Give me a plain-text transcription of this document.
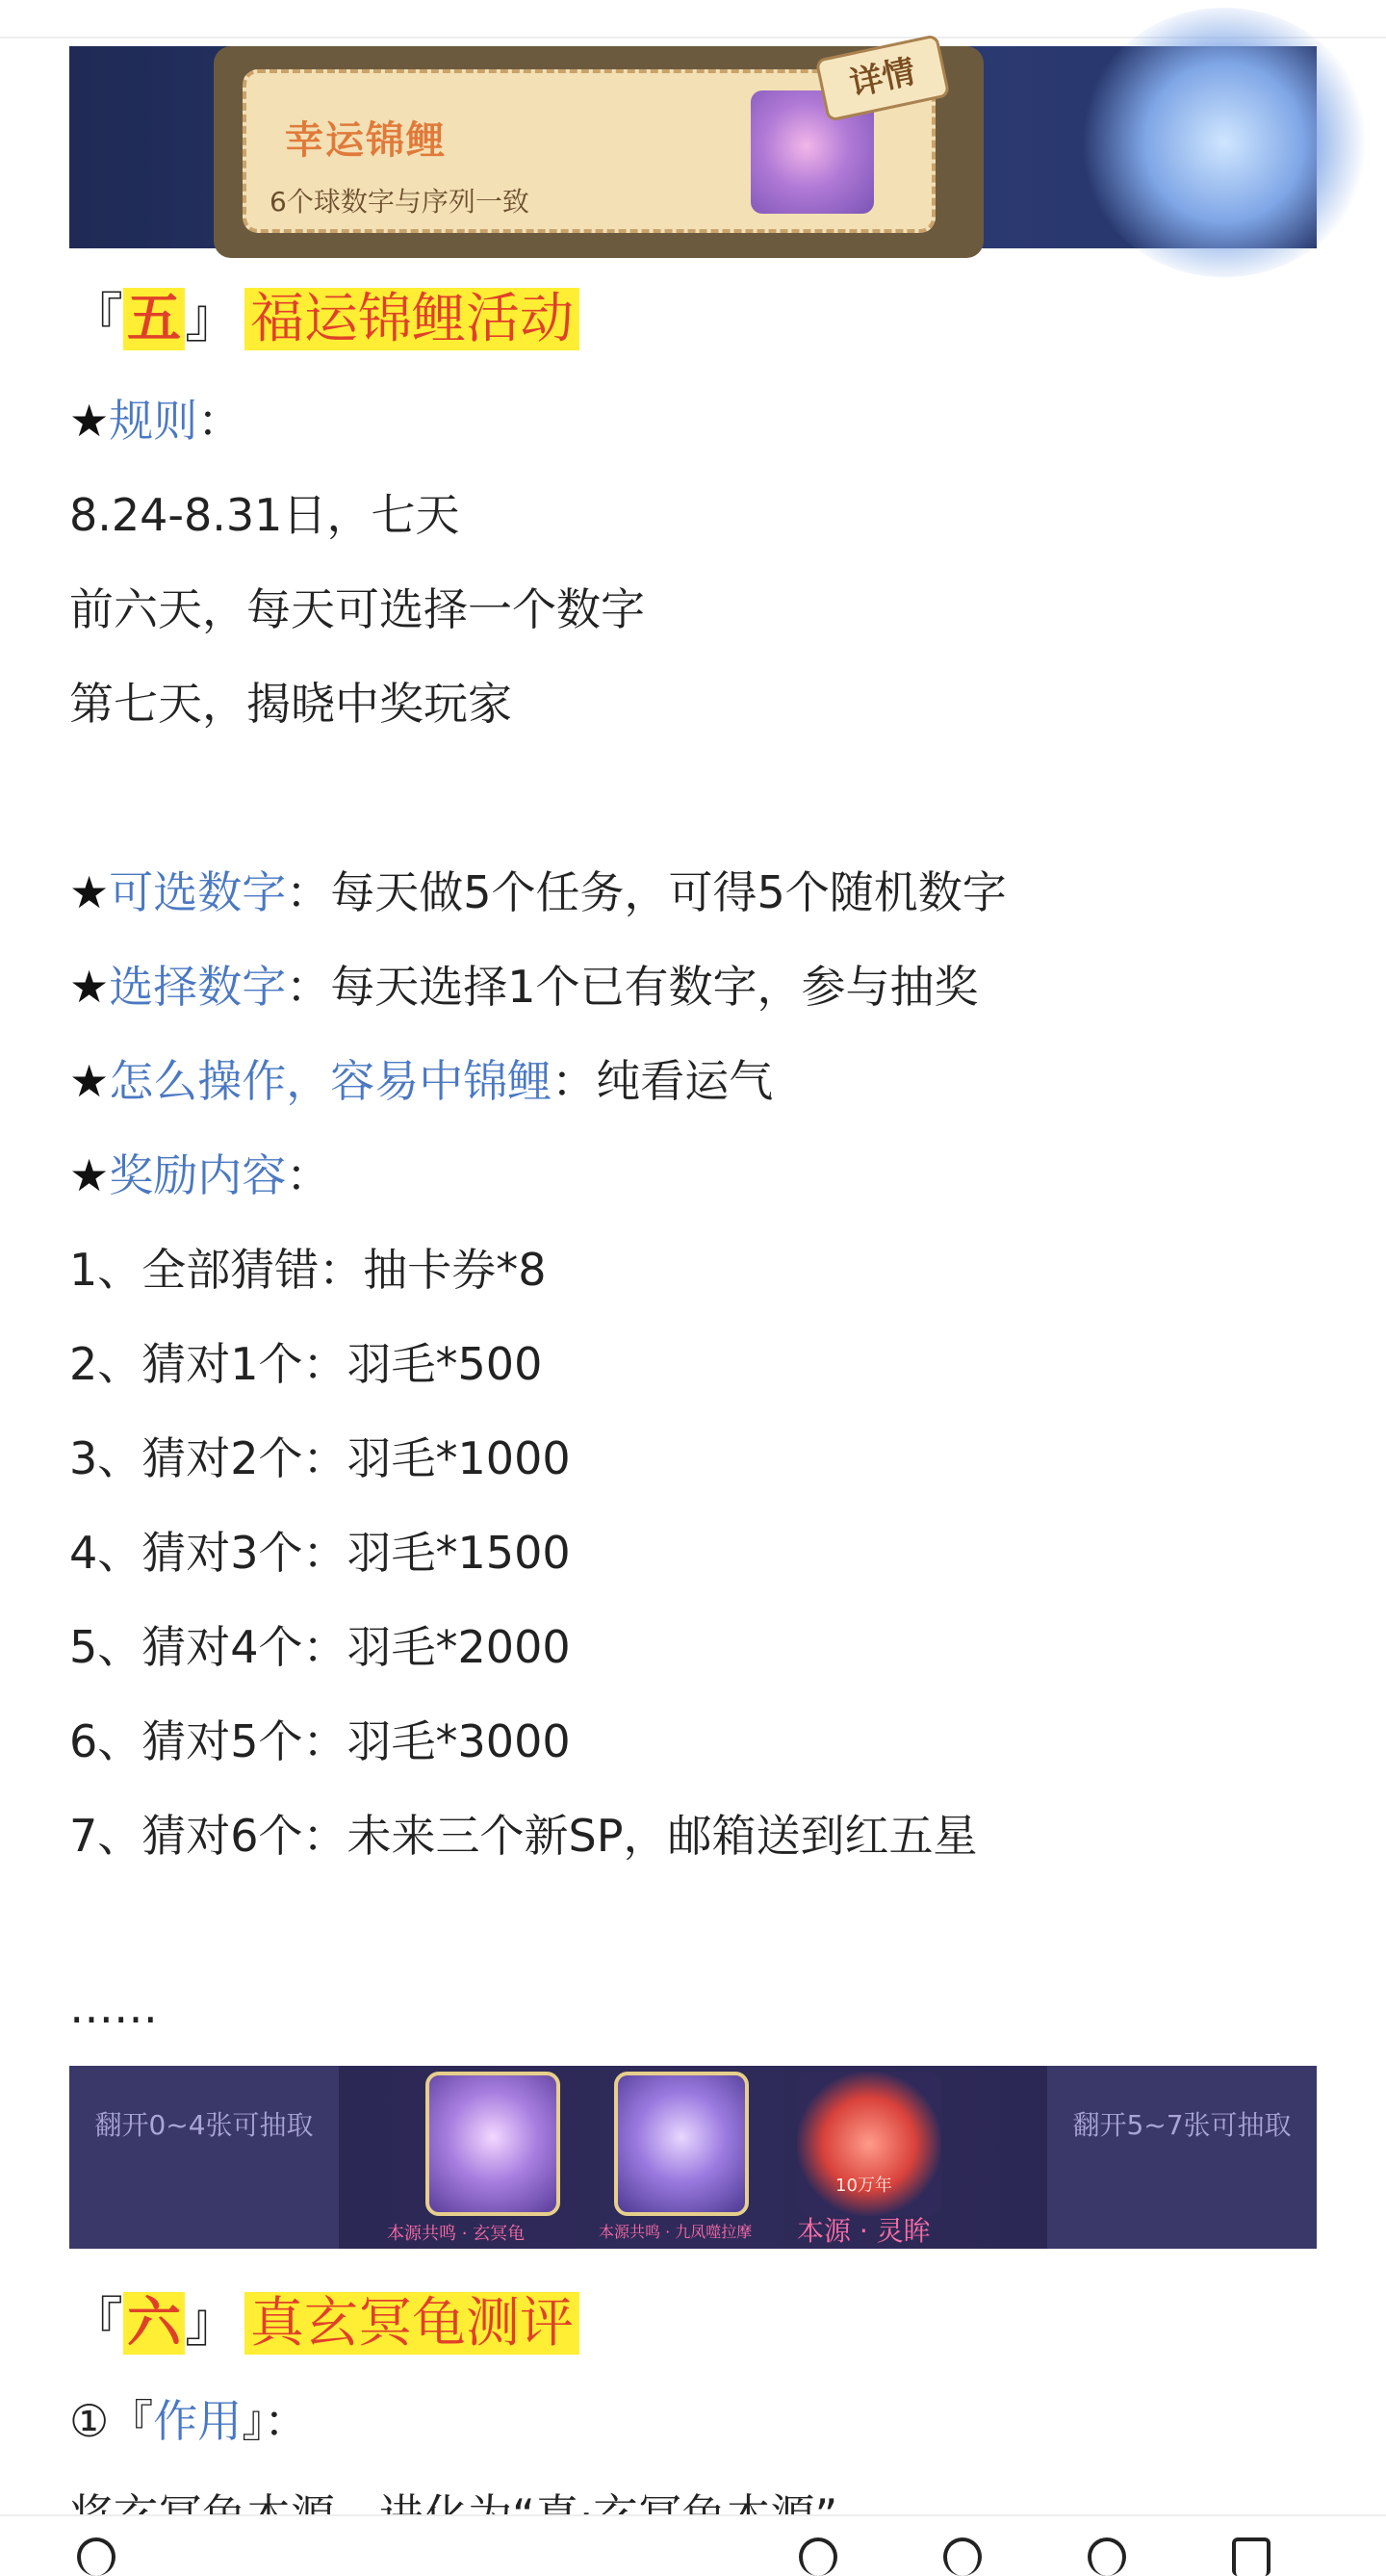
幸运锦鲤
6个球数字与序列一致
详情
『五』 福运锦鲤活动
★规则：
8.24-8.31日，七天
前六天，每天可选择一个数字
第七天，揭晓中奖玩家
★可选数字：每天做5个任务，可得5个随机数字
★选择数字：每天选择1个已有数字，参与抽奖
★怎么操作，容易中锦鲤：纯看运气
★奖励内容：
1、全部猜错：抽卡券*8
2、猜对1个：羽毛*500
3、猜对2个：羽毛*1000
4、猜对3个：羽毛*1500
5、猜对4个：羽毛*2000
6、猜对5个：羽毛*3000
7、猜对6个：未来三个新SP，邮箱送到红五星
……
翻开0~4张可抽取
10万年
本源共鸣 · 玄冥龟	本源共鸣 · 九凤噬拉摩 本源 · 灵眸
翻开5~7张可抽取
『六』 真玄冥龟测评
①『作用』：
